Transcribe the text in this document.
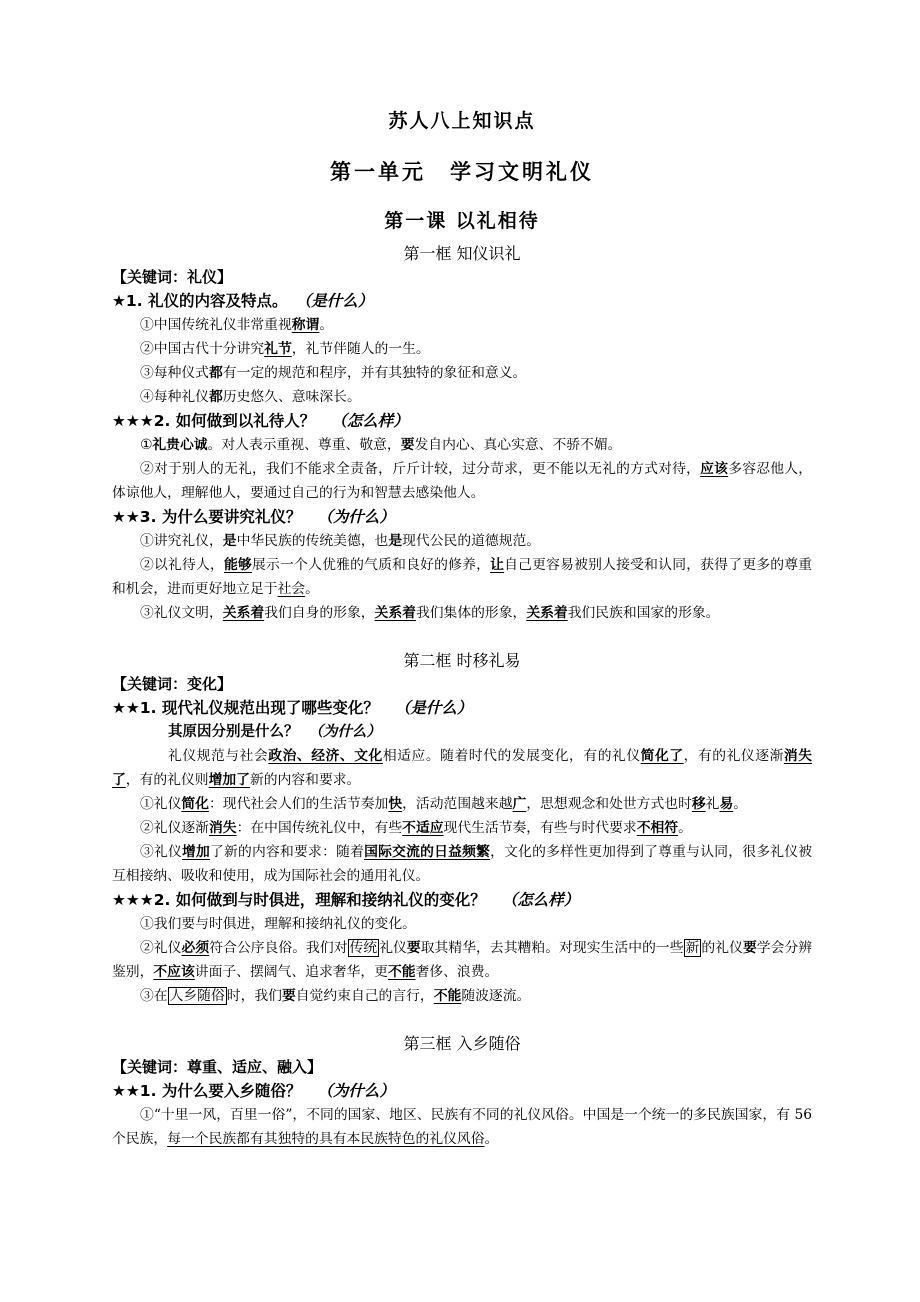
苏人八上知识点
第一单元　学习文明礼仪
第一课 以礼相待
第一框 知仪识礼
【关键词：礼仪】
★1. 礼仪的内容及特点。 （是什么）
①中国传统礼仪非常重视称谓。
②中国古代十分讲究礼节，礼节伴随人的一生。
③每种仪式都有一定的规范和程序，并有其独特的象征和意义。
④每种礼仪都历史悠久、意味深长。
★★★2. 如何做到以礼待人？ （怎么样）
①礼贵心诚。对人表示重视、尊重、敬意，要发自内心、真心实意、不骄不媚。
②对于别人的无礼，我们不能求全责备，斤斤计较，过分苛求，更不能以无礼的方式对待，应该多容忍他人，体谅他人，理解他人，要通过自己的行为和智慧去感染他人。
★★3. 为什么要讲究礼仪？ （为什么）
①讲究礼仪，是中华民族的传统美德，也是现代公民的道德规范。
②以礼待人，能够展示一个人优雅的气质和良好的修养，让自己更容易被别人接受和认同，获得了更多的尊重和机会，进而更好地立足于社会。
③礼仪文明，关系着我们自身的形象，关系着我们集体的形象，关系着我们民族和国家的形象。
第二框 时移礼易
【关键词：变化】
★★1. 现代礼仪规范出现了哪些变化？ （是什么）
其原因分别是什么？ （为什么）
礼仪规范与社会政治、经济、文化相适应。随着时代的发展变化，有的礼仪简化了，有的礼仪逐渐消失了，有的礼仪则增加了新的内容和要求。
①礼仪简化：现代社会人们的生活节奏加快，活动范围越来越广，思想观念和处世方式也时移礼易。
②礼仪逐渐消失：在中国传统礼仪中，有些不适应现代生活节奏，有些与时代要求不相符。
③礼仪增加了新的内容和要求：随着国际交流的日益频繁，文化的多样性更加得到了尊重与认同，很多礼仪被互相接纳、吸收和使用，成为国际社会的通用礼仪。
★★★2. 如何做到与时俱进，理解和接纳礼仪的变化？ （怎么样）
①我们要与时俱进，理解和接纳礼仪的变化。
②礼仪必须符合公序良俗。我们对 传统 礼仪要取其精华，去其糟粕。对现实生活中的一些 新 的礼仪要学会分辨鉴别，不应该讲面子、摆阔气、追求奢华，更不能奢侈、浪费。
③在 人乡随俗 时，我们要自觉约束自己的言行，不能随波逐流。
第三框 入乡随俗
【关键词：尊重、适应、融入】
★★1. 为什么要入乡随俗？ （为什么）
①“十里一风，百里一俗”，不同的国家、地区、民族有不同的礼仪风俗。中国是一个统一的多民族国家，有 56 个民族，每一个民族都有其独特的具有本民族特色的礼仪风俗。
